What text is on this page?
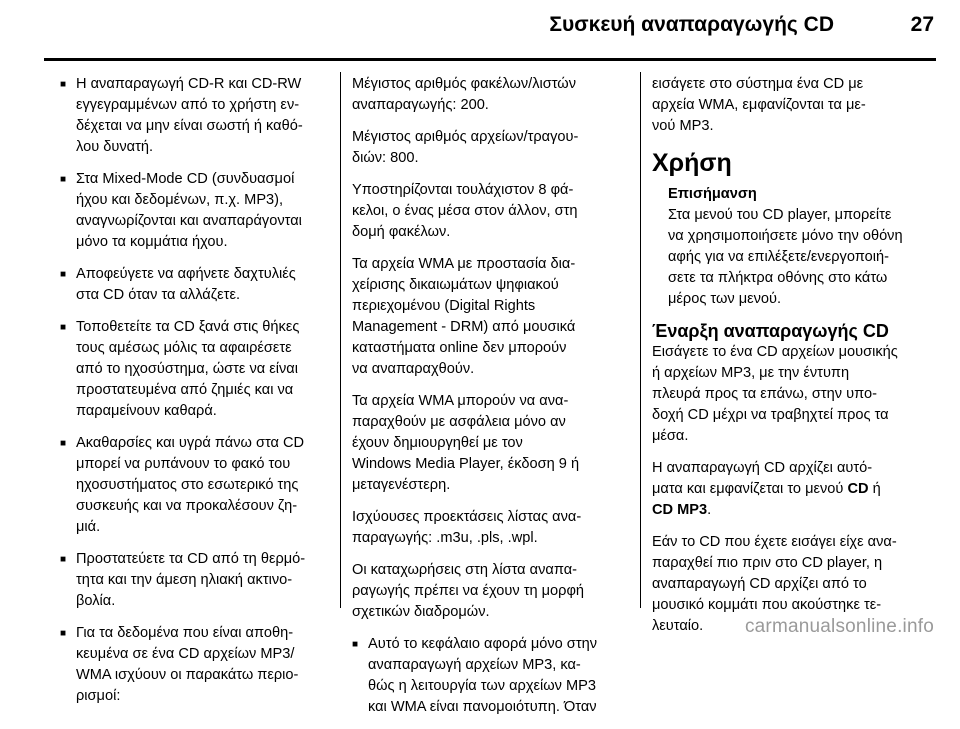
Συσκευή αναπαραγωγής CD	27
■ Η αναπαραγωγή CD-R και CD-RW
εγγεγραμμένων από το χρήστη εν-
δέχεται να μην είναι σωστή ή καθό-
λου δυνατή.
■ Στα Mixed-Mode CD (συνδυασμοί
ήχου και δεδομένων, π.χ. MP3),
αναγνωρίζονται και αναπαράγονται
μόνο τα κομμάτια ήχου.
■ Αποφεύγετε να αφήνετε δαχτυλιές
στα CD όταν τα αλλάζετε.
■ Τοποθετείτε τα CD ξανά στις θήκες
τους αμέσως μόλις τα αφαιρέσετε
από το ηχοσύστημα, ώστε να είναι
προστατευμένα από ζημιές και να
παραμείνουν καθαρά.
■ Ακαθαρσίες και υγρά πάνω στα CD
μπορεί να ρυπάνουν το φακό του
ηχοσυστήματος στο εσωτερικό της
συσκευής και να προκαλέσουν ζη-
μιά.
■ Προστατεύετε τα CD από τη θερμό-
τητα και την άμεση ηλιακή ακτινο-
βολία.
■ Για τα δεδομένα που είναι αποθη-
κευμένα σε ένα CD αρχείων MP3/
WMA ισχύουν οι παρακάτω περιο-
ρισμοί:

Μέγιστος αριθμός φακέλων/λιστών
αναπαραγωγής: 200.

Μέγιστος αριθμός αρχείων/τραγου-
διών: 800.

Υποστηρίζονται τουλάχιστον 8 φά-
κελοι, ο ένας μέσα στον άλλον, στη
δομή φακέλων.

Τα αρχεία WMA με προστασία δια-
χείρισης δικαιωμάτων ψηφιακού
περιεχομένου (Digital Rights
Management - DRM) από μουσικά
καταστήματα online δεν μπορούν
να αναπαραχθούν.

Τα αρχεία WMA μπορούν να ανα-
παραχθούν με ασφάλεια μόνο αν
έχουν δημιουργηθεί με τον
Windows Media Player, έκδοση 9 ή
μεταγενέστερη.

Ισχύουσες προεκτάσεις λίστας ανα-
παραγωγής: .m3u, .pls, .wpl.

Οι καταχωρήσεις στη λίστα αναπα-
ραγωγής πρέπει να έχουν τη μορφή
σχετικών διαδρομών.

■ Αυτό το κεφάλαιο αφορά μόνο στην
αναπαραγωγή αρχείων MP3, κα-
θώς η λειτουργία των αρχείων MP3
και WMA είναι πανομοιότυπη. Όταν

εισάγετε στο σύστημα ένα CD με
αρχεία WMA, εμφανίζονται τα με-
νού MP3.

Χρήση
Επισήμανση

Στα μενού του CD player, μπορείτε
να χρησιμοποιήσετε μόνο την οθόνη
αφής για να επιλέξετε/ενεργοποιή-
σετε τα πλήκτρα οθόνης στο κάτω
μέρος των μενού.

Έναρξη αναπαραγωγής CD

Εισάγετε το ένα CD αρχείων μουσικής
ή αρχείων MP3, με την έντυπη
πλευρά προς τα επάνω, στην υπο-
δοχή CD μέχρι να τραβηχτεί προς τα
μέσα.

Η αναπαραγωγή CD αρχίζει αυτό-
ματα και εμφανίζεται το μενού CD ή
CD MP3.

Εάν το CD που έχετε εισάγει είχε ανα-
παραχθεί πιο πριν στο CD player, η
αναπαραγωγή CD αρχίζει από το
μουσικό κομμάτι που ακούστηκε τε-
λευταίο.	carmanualsonline.info
